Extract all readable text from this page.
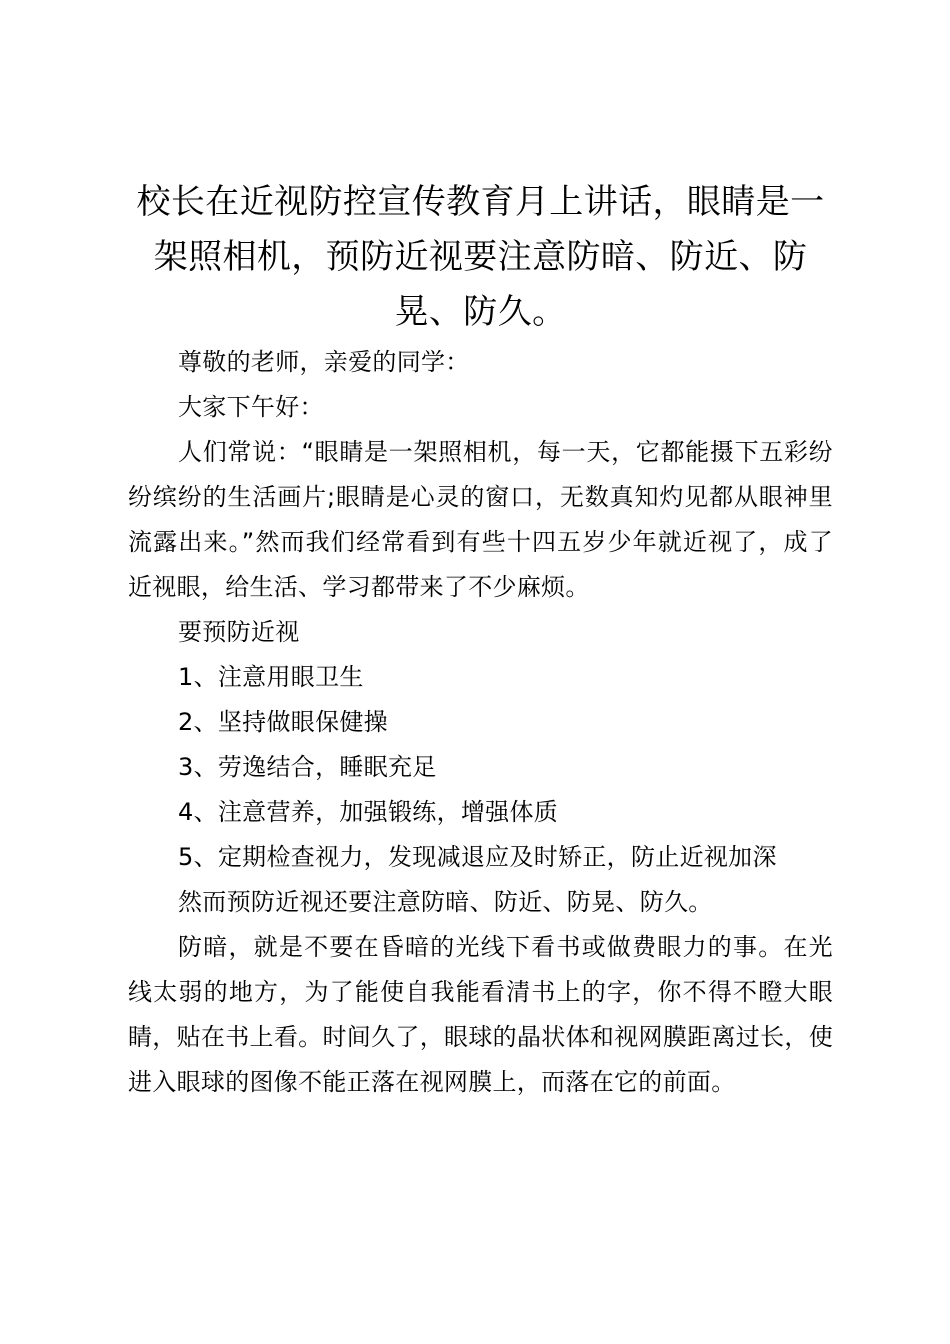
校长在近视防控宣传教育月上讲话，眼睛是一架照相机，预防近视要注意防暗、防近、防晃、防久。

尊敬的老师，亲爱的同学：

大家下午好：

人们常说：“眼睛是一架照相机，每一天，它都能摄下五彩纷纷缤纷的生活画片;眼睛是心灵的窗口，无数真知灼见都从眼神里流露出来。”然而我们经常看到有些十四五岁少年就近视了，成了近视眼，给生活、学习都带来了不少麻烦。

要预防近视

1、注意用眼卫生

2、坚持做眼保健操

3、劳逸结合，睡眠充足

4、注意营养，加强锻练，增强体质

5、定期检查视力，发现减退应及时矫正，防止近视加深

然而预防近视还要注意防暗、防近、防晃、防久。

防暗，就是不要在昏暗的光线下看书或做费眼力的事。在光线太弱的地方，为了能使自我能看清书上的字，你不得不瞪大眼睛，贴在书上看。时间久了，眼球的晶状体和视网膜距离过长，使进入眼球的图像不能正落在视网膜上，而落在它的前面。
